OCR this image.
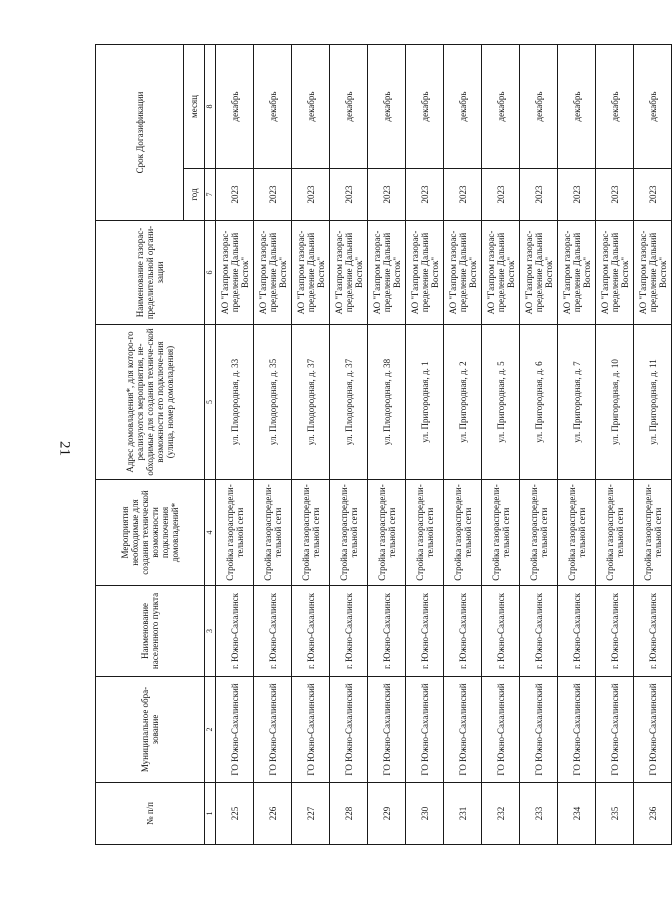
21
№ п/п	Муниципальное обра-зование	Наименование населенного пункта	Мероприятия необходимые для создания технической возможности подключения домовладений*	Адрес домовладения*, для которо-го реализуются мероприятия, не-обходимые для создания техниче-ской возможности его подключе-ния (улица, номер домовладения)	Наименование газорас-пределительной органи-зации	Срок Догазификации	
						год	месяц
1	2	3	4	5	6	7	8
225	ГО Южно-Сахалинский	г. Южно-Сахалинск	Стройка газораспредели-тельной сети	ул. Плодородная, д. 33	АО "Газпром газорас-пределение Дальний Восток"	2023	декабрь
226	ГО Южно-Сахалинский	г. Южно-Сахалинск	Стройка газораспредели-тельной сети	ул. Плодородная, д. 35	АО "Газпром газорас-пределение Дальний Восток"	2023	декабрь
227	ГО Южно-Сахалинский	г. Южно-Сахалинск	Стройка газораспредели-тельной сети	ул. Плодородная, д. 37	АО "Газпром газорас-пределение Дальний Восток"	2023	декабрь
228	ГО Южно-Сахалинский	г. Южно-Сахалинск	Стройка газораспредели-тельной сети	ул. Плодородная, д. 37	АО "Газпром газорас-пределение Дальний Восток"	2023	декабрь
229	ГО Южно-Сахалинский	г. Южно-Сахалинск	Стройка газораспредели-тельной сети	ул. Плодородная, д. 38	АО "Газпром газорас-пределение Дальний Восток"	2023	декабрь
230	ГО Южно-Сахалинский	г. Южно-Сахалинск	Стройка газораспредели-тельной сети	ул. Пригородная, д. 1	АО "Газпром газорас-пределение Дальний Восток"	2023	декабрь
231	ГО Южно-Сахалинский	г. Южно-Сахалинск	Стройка газораспредели-тельной сети	ул. Пригородная, д. 2	АО "Газпром газорас-пределение Дальний Восток"	2023	декабрь
232	ГО Южно-Сахалинский	г. Южно-Сахалинск	Стройка газораспредели-тельной сети	ул. Пригородная, д. 5	АО "Газпром газорас-пределение Дальний Восток"	2023	декабрь
233	ГО Южно-Сахалинский	г. Южно-Сахалинск	Стройка газораспредели-тельной сети	ул. Пригородная, д. 6	АО "Газпром газорас-пределение Дальний Восток"	2023	декабрь
234	ГО Южно-Сахалинский	г. Южно-Сахалинск	Стройка газораспредели-тельной сети	ул. Пригородная, д. 7	АО "Газпром газорас-пределение Дальний Восток"	2023	декабрь
235	ГО Южно-Сахалинский	г. Южно-Сахалинск	Стройка газораспредели-тельной сети	ул. Пригородная, д. 10	АО "Газпром газорас-пределение Дальний Восток"	2023	декабрь
236	ГО Южно-Сахалинский	г. Южно-Сахалинск	Стройка газораспредели-тельной сети	ул. Пригородная, д. 11	АО "Газпром газорас-пределение Дальний Восток"	2023	декабрь
